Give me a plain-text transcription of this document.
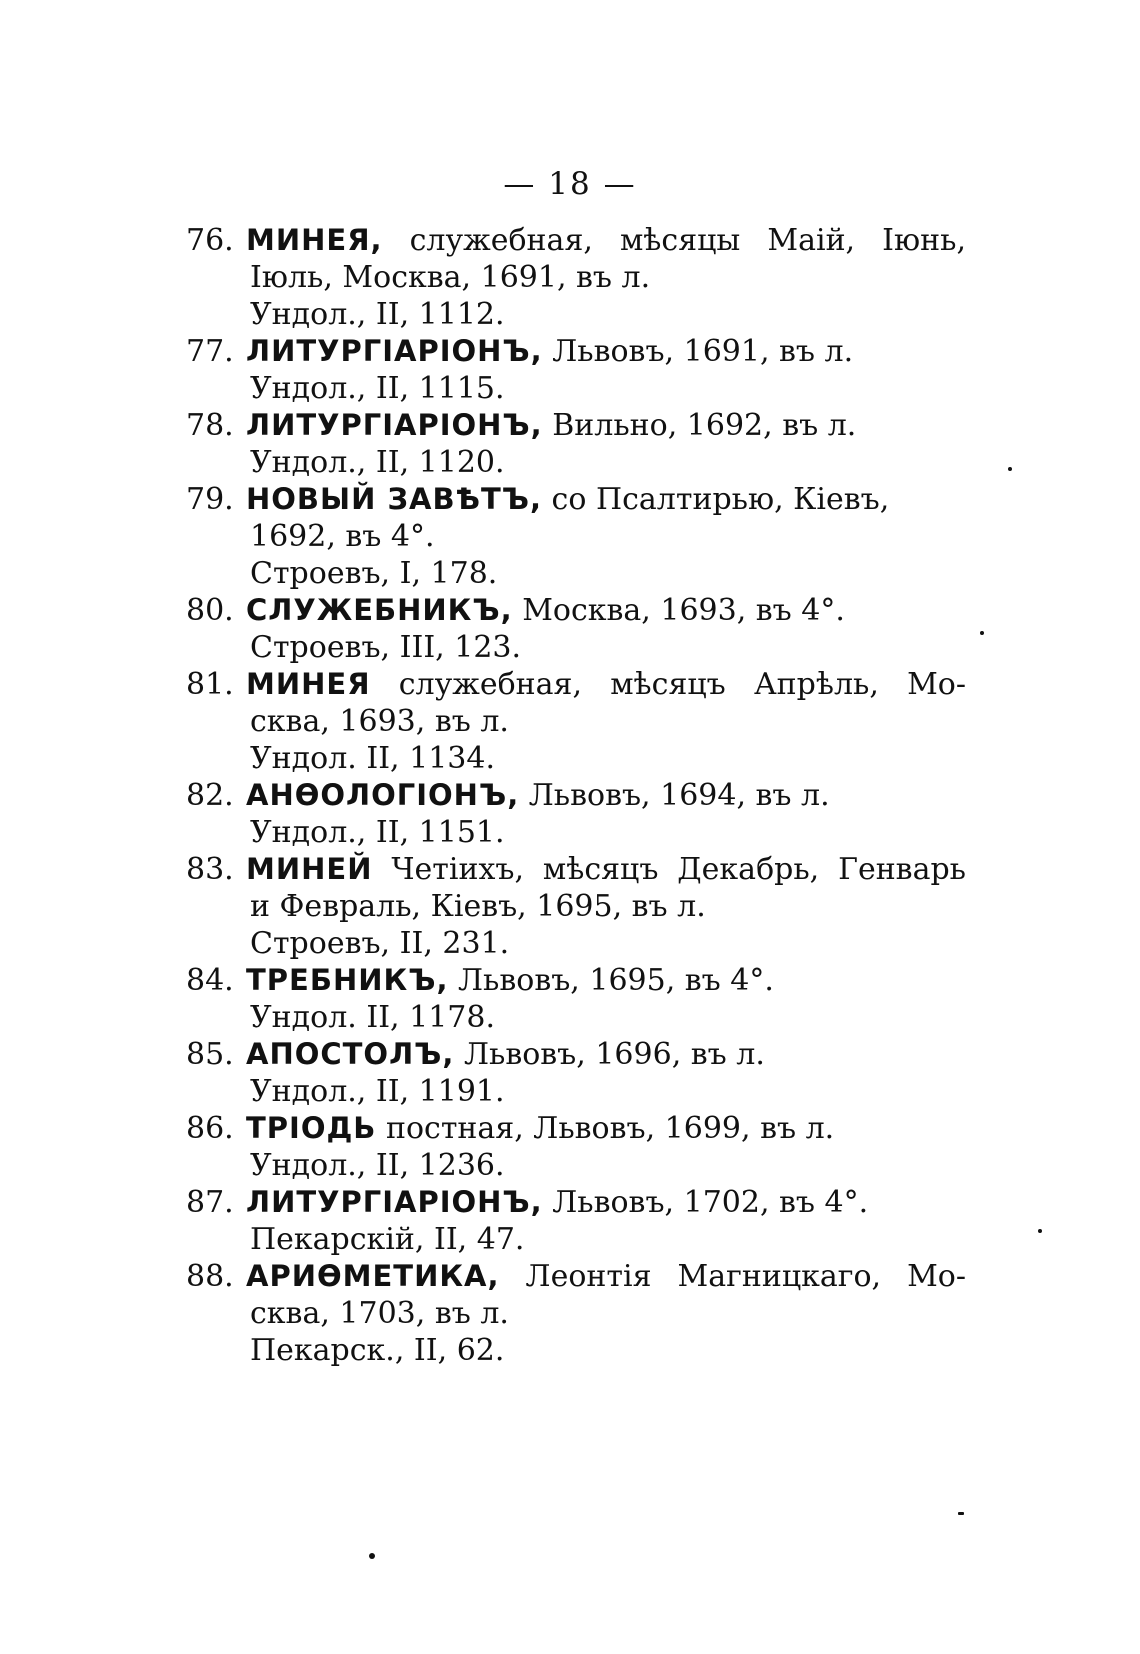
— 18 —
76. МИНЕЯ, служебная, мѣсяцы Маій, Іюнь,
Іюль, Москва, 1691, въ л.
Ундол., II, 1112.
77. ЛИТУРГІАРІОНЪ, Львовъ, 1691, въ л.
Ундол., II, 1115.
78. ЛИТУРГІАРІОНЪ, Вильно, 1692, въ л.
Ундол., II, 1120.
79. НОВЫЙ ЗАВѢТЪ, со Псалтирью, Кіевъ,
1692, въ 4°.
Строевъ, I, 178.
80. СЛУЖЕБНИКЪ, Москва, 1693, въ 4°.
Строевъ, III, 123.
81. МИНЕЯ служебная, мѣсяцъ Апрѣль, Мо-
сква, 1693, въ л.
Ундол. II, 1134.
82. АНѲОЛОГІОНЪ, Львовъ, 1694, въ л.
Ундол., II, 1151.
83. МИНЕЙ Четіихъ, мѣсяцъ Декабрь, Генварь
и Февраль, Кіевъ, 1695, въ л.
Строевъ, II, 231.
84. ТРЕБНИКЪ, Львовъ, 1695, въ 4°.
Ундол. II, 1178.
85. АПОСТОЛЪ, Львовъ, 1696, въ л.
Ундол., II, 1191.
86. ТРІОДЬ постная, Львовъ, 1699, въ л.
Ундол., II, 1236.
87. ЛИТУРГІАРІОНЪ, Львовъ, 1702, въ 4°.
Пекарскій, II, 47.
88. АРИѲМЕТИКА, Леонтія Магницкаго, Мо-
сква, 1703, въ л.
Пекарск., II, 62.
